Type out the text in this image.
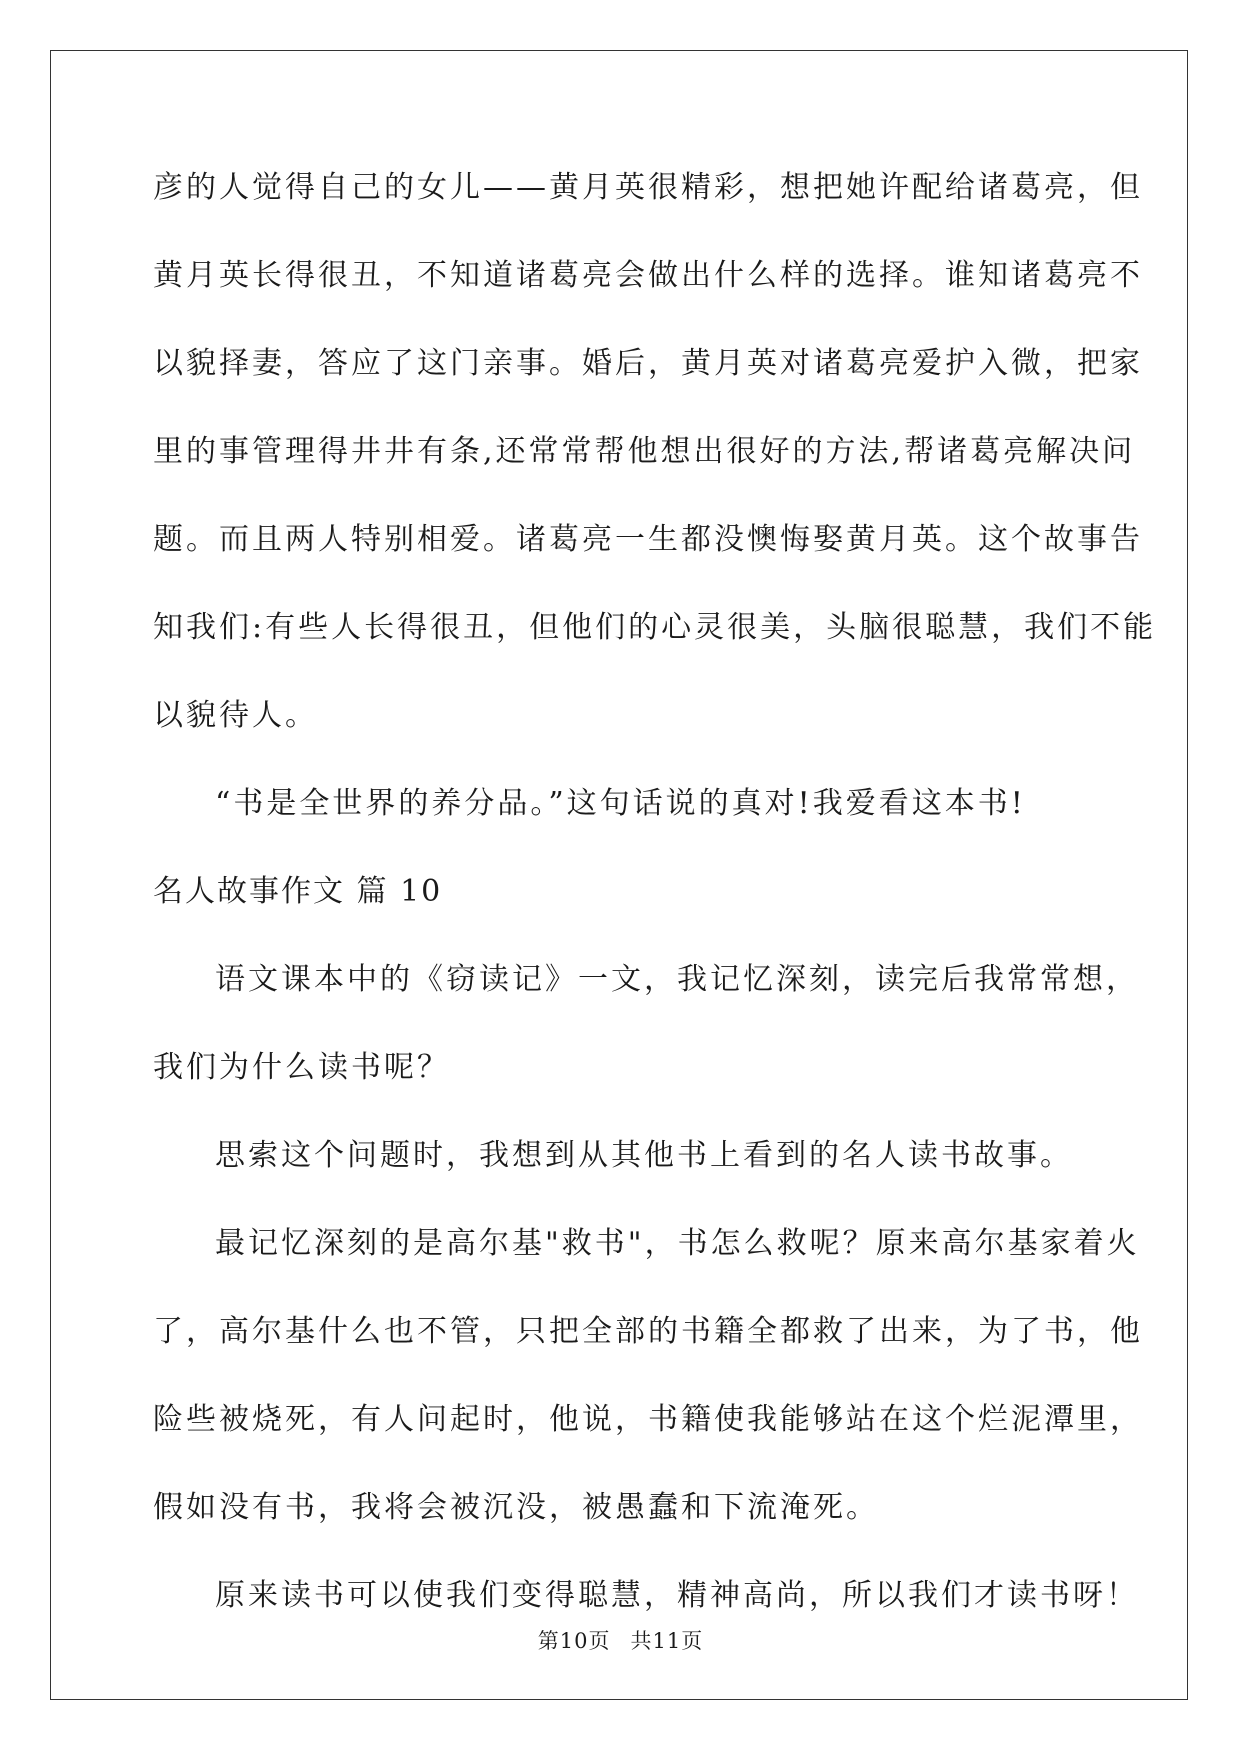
彦的人觉得自己的女儿——黄月英很精彩，想把她许配给诸葛亮，但
黄月英长得很丑，不知道诸葛亮会做出什么样的选择。谁知诸葛亮不
以貌择妻，答应了这门亲事。婚后，黄月英对诸葛亮爱护入微，把家
里的事管理得井井有条,还常常帮他想出很好的方法,帮诸葛亮解决问
题。而且两人特别相爱。诸葛亮一生都没懊悔娶黄月英。这个故事告
知我们:有些人长得很丑，但他们的心灵很美，头脑很聪慧，我们不能
以貌待人。
“书是全世界的养分品。”这句话说的真对!我爱看这本书!
名人故事作文 篇 10
语文课本中的《窃读记》一文，我记忆深刻，读完后我常常想，
我们为什么读书呢？
思索这个问题时，我想到从其他书上看到的名人读书故事。
最记忆深刻的是高尔基"救书"，书怎么救呢？原来高尔基家着火
了，高尔基什么也不管，只把全部的书籍全都救了出来，为了书，他
险些被烧死，有人问起时，他说，书籍使我能够站在这个烂泥潭里，
假如没有书，我将会被沉没，被愚蠢和下流淹死。
原来读书可以使我们变得聪慧，精神高尚，所以我们才读书呀！
第10页 共11页
